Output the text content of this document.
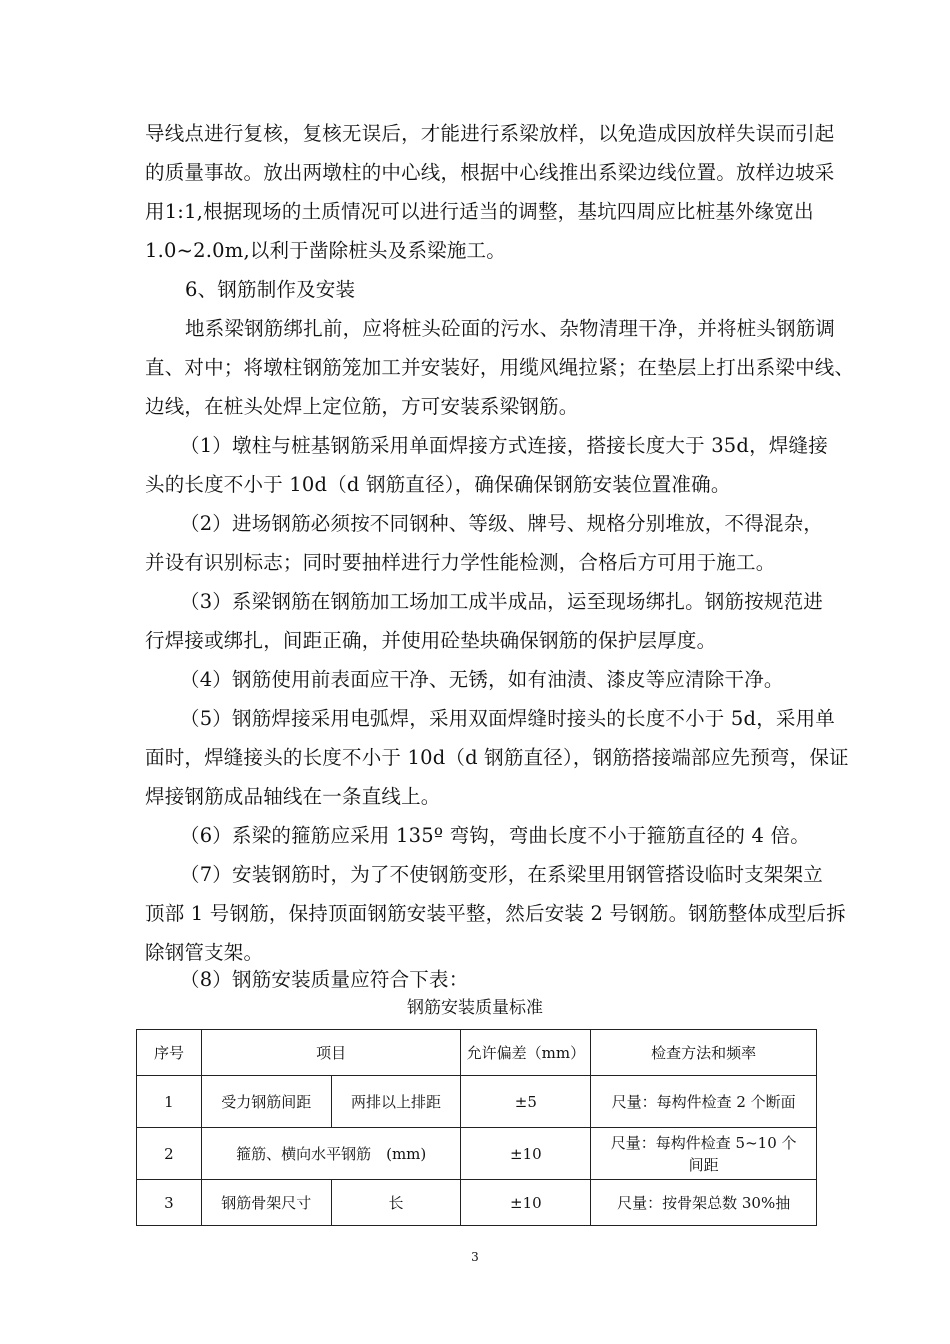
导线点进行复核，复核无误后，才能进行系梁放样，以免造成因放样失误而引起
的质量事故。放出两墩柱的中心线，根据中心线推出系梁边线位置。放样边坡采
用1:1,根据现场的土质情况可以进行适当的调整，基坑四周应比桩基外缘宽出
1.0~2.0m,以利于凿除桩头及系梁施工。
6、钢筋制作及安装
地系梁钢筋绑扎前，应将桩头砼面的污水、杂物清理干净，并将桩头钢筋调
直、对中；将墩柱钢筋笼加工并安装好，用缆风绳拉紧；在垫层上打出系梁中线、
边线，在桩头处焊上定位筋，方可安装系梁钢筋。
（1）墩柱与桩基钢筋采用单面焊接方式连接，搭接长度大于 35d，焊缝接
头的长度不小于 10d（d 钢筋直径），确保确保钢筋安装位置准确。
（2）进场钢筋必须按不同钢种、等级、牌号、规格分别堆放，不得混杂，
并设有识别标志；同时要抽样进行力学性能检测，合格后方可用于施工。
（3）系梁钢筋在钢筋加工场加工成半成品，运至现场绑扎。钢筋按规范进
行焊接或绑扎，间距正确，并使用砼垫块确保钢筋的保护层厚度。
（4）钢筋使用前表面应干净、无锈，如有油渍、漆皮等应清除干净。
（5）钢筋焊接采用电弧焊，采用双面焊缝时接头的长度不小于 5d，采用单
面时，焊缝接头的长度不小于 10d（d 钢筋直径），钢筋搭接端部应先预弯，保证
焊接钢筋成品轴线在一条直线上。
（6）系梁的箍筋应采用 135º 弯钩，弯曲长度不小于箍筋直径的 4 倍。
（7）安装钢筋时，为了不使钢筋变形，在系梁里用钢管搭设临时支架架立
顶部 1 号钢筋，保持顶面钢筋安装平整，然后安装 2 号钢筋。钢筋整体成型后拆
除钢管支架。
（8）钢筋安装质量应符合下表：
钢筋安装质量标准
序号	项目		允许偏差（mm）	检查方法和频率
1	受力钢筋间距	两排以上排距	±5	尺量：每构件检查 2 个断面
2	箍筋、横向水平钢筋　(mm)		±10	尺量：每构件检查 5~10 个间距
3	钢筋骨架尺寸	长	±10	尺量：按骨架总数 30%抽
3
